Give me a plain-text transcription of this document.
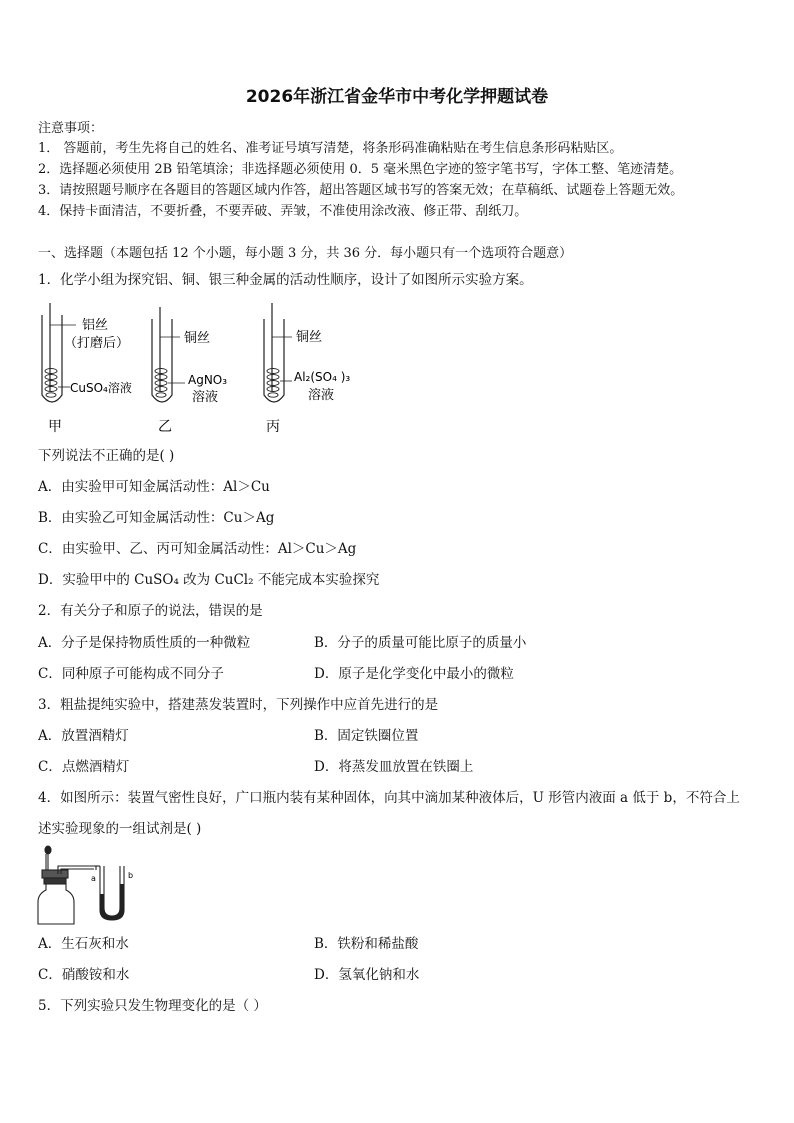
2026年浙江省金华市中考化学押题试卷
注意事项：
1． 答题前，考生先将自己的姓名、准考证号填写清楚，将条形码准确粘贴在考生信息条形码粘贴区。
2．选择题必须使用 2B 铅笔填涂；非选择题必须使用 0．5 毫米黑色字迹的签字笔书写，字体工整、笔迹清楚。
3．请按照题号顺序在各题目的答题区域内作答，超出答题区域书写的答案无效；在草稿纸、试题卷上答题无效。
4．保持卡面清洁，不要折叠，不要弄破、弄皱，不准使用涂改液、修正带、刮纸刀。
一、选择题（本题包括 12 个小题，每小题 3 分，共 36 分．每小题只有一个选项符合题意）
1．化学小组为探究铝、铜、银三种金属的活动性顺序，设计了如图所示实验方案。
铝丝
（打磨后）
CuSO₄溶液
甲
铜丝
AgNO₃
溶液
乙
铜丝
Al₂(SO₄ )₃
溶液
丙
下列说法不正确的是( )
A．由实验甲可知金属活动性：Al＞Cu
B．由实验乙可知金属活动性：Cu＞Ag
C．由实验甲、乙、丙可知金属活动性：Al＞Cu＞Ag
D．实验甲中的 CuSO₄ 改为 CuCl₂ 不能完成本实验探究
2．有关分子和原子的说法，错误的是
A．分子是保持物质性质的一种微粒	B．分子的质量可能比原子的质量小
C．同种原子可能构成不同分子	D．原子是化学变化中最小的微粒
3．粗盐提纯实验中，搭建蒸发装置时，下列操作中应首先进行的是
A．放置酒精灯	B．固定铁圈位置
C．点燃酒精灯	D．将蒸发皿放置在铁圈上
4．如图所示：装置气密性良好，广口瓶内装有某种固体，向其中滴加某种液体后，U 形管内液面 a 低于 b，不符合上
述实验现象的一组试剂是( )
a	b
A．生石灰和水	B．铁粉和稀盐酸
C．硝酸铵和水	D．氢氧化钠和水
5．下列实验只发生物理变化的是（ ）
